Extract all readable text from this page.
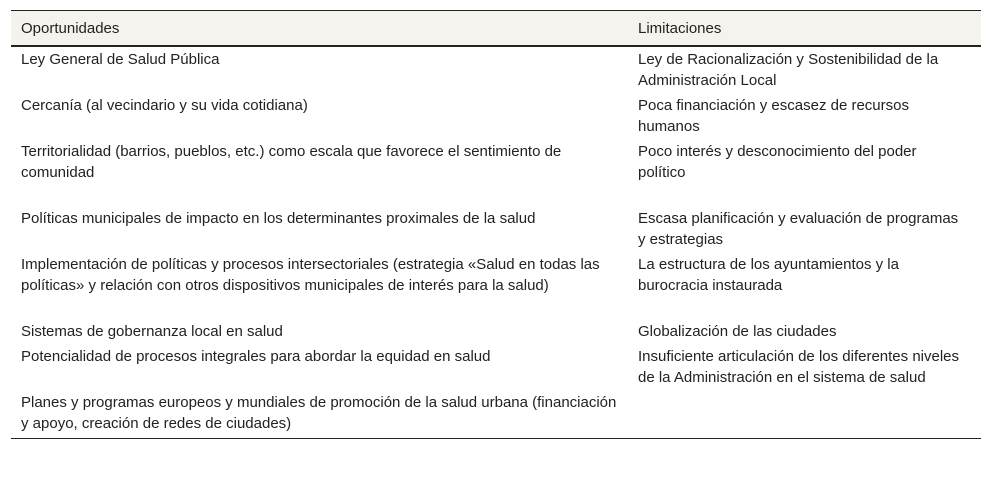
Oportunidades	Limitaciones
Ley General de Salud Pública	Ley de Racionalización y Sostenibilidad de la Administración Local
Cercanía (al vecindario y su vida cotidiana)	Poca financiación y escasez de recursos humanos
Territorialidad (barrios, pueblos, etc.) como escala que favorece el sentimiento de comunidad	Poco interés y desconocimiento del poder político
Políticas municipales de impacto en los determinantes proximales de la salud	Escasa planificación y evaluación de programas y estrategias
Implementación de políticas y procesos intersectoriales (estrategia «Salud en todas las políticas» y relación con otros dispositivos municipales de interés para la salud)	La estructura de los ayuntamientos y la burocracia instaurada
Sistemas de gobernanza local en salud	Globalización de las ciudades
Potencialidad de procesos integrales para abordar la equidad en salud	Insuficiente articulación de los diferentes niveles de la Administración en el sistema de salud
Planes y programas europeos y mundiales de promoción de la salud urbana (financiación y apoyo, creación de redes de ciudades)	
